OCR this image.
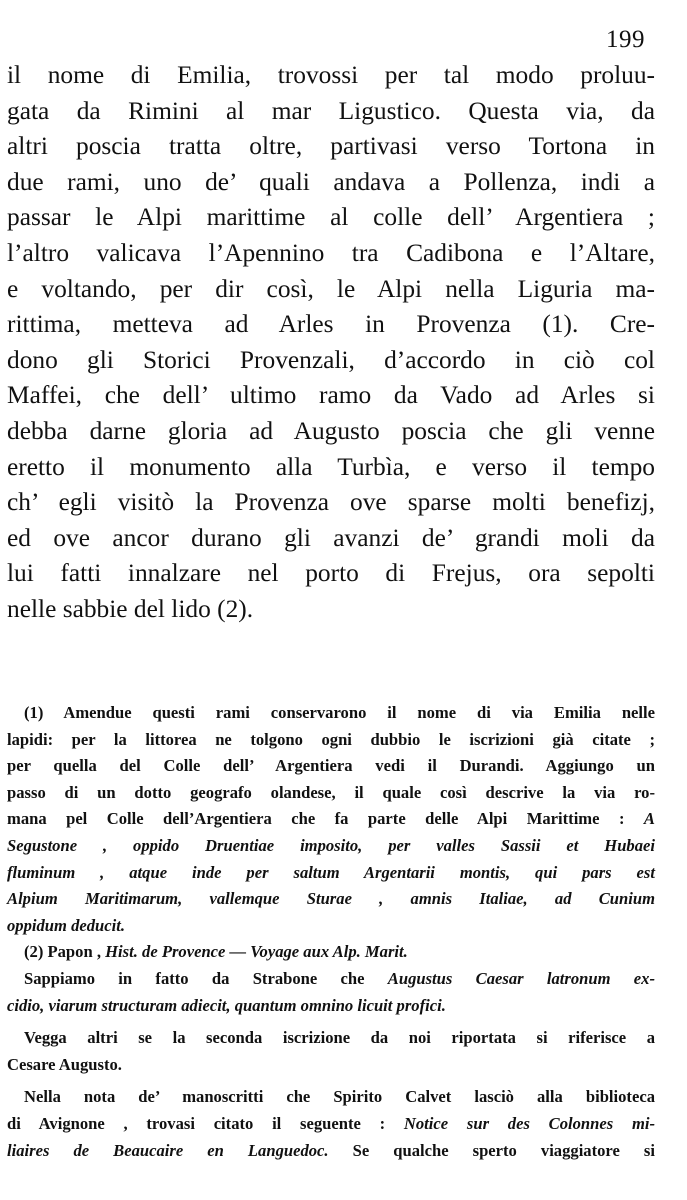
199
il nome di Emilia, trovossi per tal modo proluu-
gata da Rimini al mar Ligustico. Questa via, da
altri poscia tratta oltre, partivasi verso Tortona in
due rami, uno de’ quali andava a Pollenza, indi a
passar le Alpi marittime al colle dell’ Argentiera ;
l’altro valicava l’Apennino tra Cadibona e l’Altare,
e voltando, per dir così, le Alpi nella Liguria ma-
rittima, metteva ad Arles in Provenza (1). Cre-
dono gli Storici Provenzali, d’accordo in ciò col
Maffei, che dell’ ultimo ramo da Vado ad Arles si
debba darne gloria ad Augusto poscia che gli venne
eretto il monumento alla Turbìa, e verso il tempo
ch’ egli visitò la Provenza ove sparse molti benefizj,
ed ove ancor durano gli avanzi de’ grandi moli da
lui fatti innalzare nel porto di Frejus, ora sepolti
nelle sabbie del lido (2).
(1) Amendue questi rami conservarono il nome di via Emilia nelle
lapidi: per la littorea ne tolgono ogni dubbio le iscrizioni già citate ;
per quella del Colle dell’ Argentiera vedi il Durandi. Aggiungo un
passo di un dotto geografo olandese, il quale così descrive la via ro-
mana pel Colle dell’Argentiera che fa parte delle Alpi Marittime : A
Segustone , oppido Druentiae imposito, per valles Sassii et Hubaei
fluminum , atque inde per saltum Argentarii montis, qui pars est
Alpium Maritimarum, vallemque Sturae , amnis Italiae, ad Cunium
oppidum deducit.
(2) Papon , Hist. de Provence — Voyage aux Alp. Marit.
Sappiamo in fatto da Strabone che Augustus Caesar latronum ex-
cidio, viarum structuram adiecit, quantum omnino licuit profici.
Vegga altri se la seconda iscrizione da noi riportata si riferisce a
Cesare Augusto.
Nella nota de’ manoscritti che Spirito Calvet lasciò alla biblioteca
di Avignone , trovasi citato il seguente : Notice sur des Colonnes mi-
liaires de Beaucaire en Languedoc. Se qualche sperto viaggiatore si
